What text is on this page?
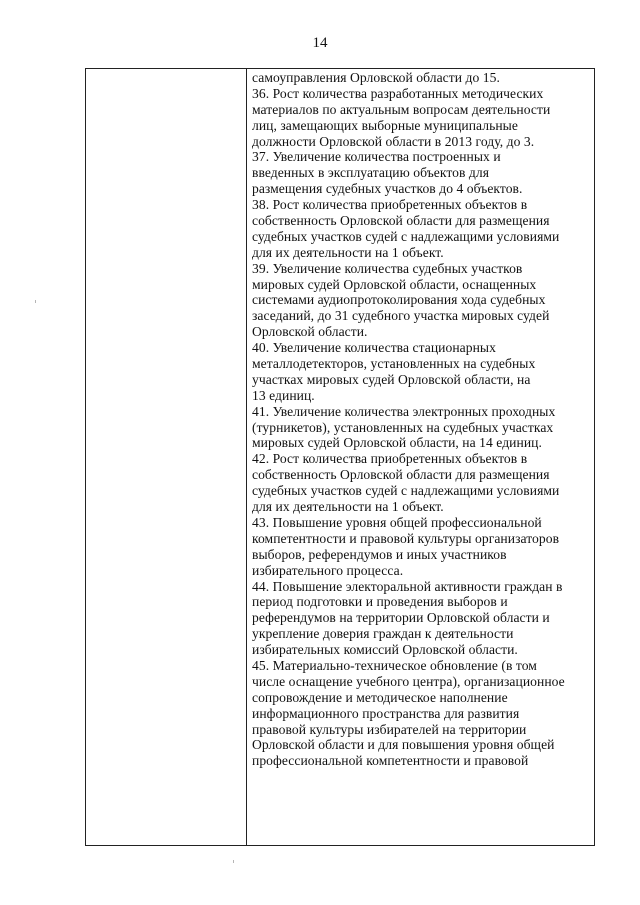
14
самоуправления Орловской области до 15.
36. Рост количества разработанных методических
материалов по актуальным вопросам деятельности
лиц, замещающих выборные муниципальные
должности Орловской области в 2013 году, до 3.
37. Увеличение количества построенных и
введенных в эксплуатацию объектов для
размещения судебных участков до 4 объектов.
38. Рост количества приобретенных объектов в
собственность Орловской области для размещения
судебных участков судей с надлежащими условиями
для их деятельности на 1 объект.
39. Увеличение количества судебных участков
мировых судей Орловской области, оснащенных
системами аудиопротоколирования хода судебных
заседаний, до 31 судебного участка мировых судей
Орловской области.
40. Увеличение количества стационарных
металлодетекторов, установленных на судебных
участках мировых судей Орловской области, на
13 единиц.
41. Увеличение количества электронных проходных
(турникетов), установленных на судебных участках
мировых судей Орловской области, на 14 единиц.
42. Рост количества приобретенных объектов в
собственность Орловской области для размещения
судебных участков судей с надлежащими условиями
для их деятельности на 1 объект.
43. Повышение уровня общей профессиональной
компетентности и правовой культуры организаторов
выборов, референдумов и иных участников
избирательного процесса.
44. Повышение электоральной активности граждан в
период подготовки и проведения выборов и
референдумов на территории Орловской области и
укрепление доверия граждан к деятельности
избирательных комиссий Орловской области.
45. Материально-техническое обновление (в том
числе оснащение учебного центра), организационное
сопровождение и методическое наполнение
информационного пространства для развития
правовой культуры избирателей на территории
Орловской области и для повышения уровня общей
профессиональной компетентности и правовой
